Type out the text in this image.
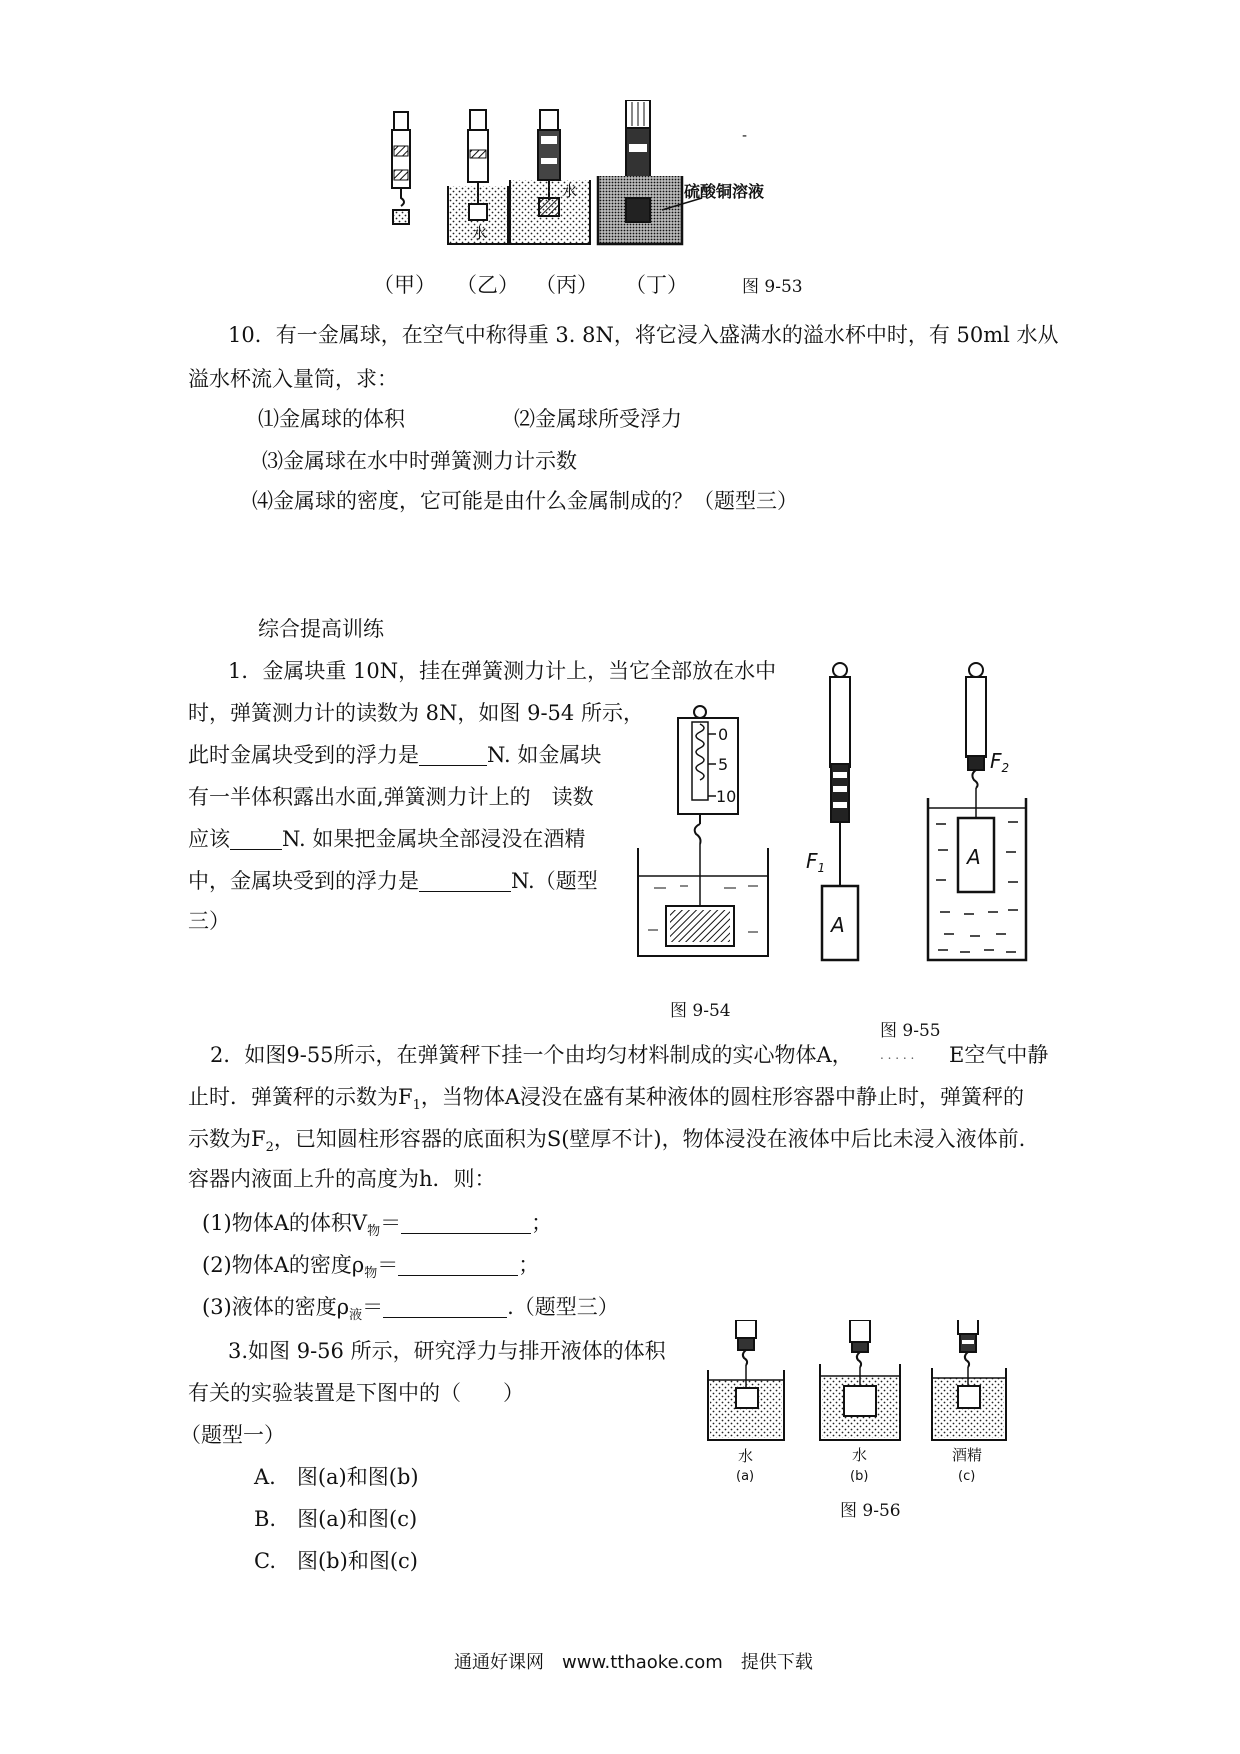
水
水	硫酸铜溶液
-
（甲） （乙） （丙） （丁）	图 9-53
10．有一金属球，在空气中称得重 3. 8N，将它浸入盛满水的溢水杯中时，有 50ml 水从
溢水杯流入量筒，求：
⑴金属球的体积	⑵金属球所受浮力
⑶金属球在水中时弹簧测力计示数
⑷金属球的密度，它可能是由什么金属制成的？（题型三）
综合提高训练
1．金属块重 10N，挂在弹簧测力计上，当它全部放在水中
时，弹簧测力计的读数为 8N，如图 9-54 所示，
此时金属块受到的浮力是	N. 如金属块
有一半体积露出水面,弹簧测力计上的　读数
应该 N. 如果把金属块全部浸没在酒精
中，金属块受到的浮力是	N.（题型
三）
0
5
10
图 9-54
$F_1$
A
$F_2$
A
图 9-55
2．如图9-55所示，在弹簧秤下挂一个由均匀材料制成的实心物体A， . . . . . E空气中静
止时．弹簧秤的示数为$F_1$，当物体A浸没在盛有某种液体的圆柱形容器中静止时，弹簧秤的
示数为$F_2$，已知圆柱形容器的底面积为S(壁厚不计)，物体浸没在液体中后比未浸入液体前.
容器内液面上升的高度为h．则：
(1)物体A的体积$V_物=$	；
(2)物体A的密度$\rho_物=$	；
(3)液体的密度$\rho_液=$	.（题型三）
3.如图 9-56 所示，研究浮力与排开液体的体积
有关的实验装置是下图中的（　　）
（题型一）
A.　图(a)和图(b)
B.　图(a)和图(c)
C.　图(b)和图(c)
水
(a)
水
(b)
酒精
(c)
图 9-56
通通好课网　www.tthaoke.com　提供下载
